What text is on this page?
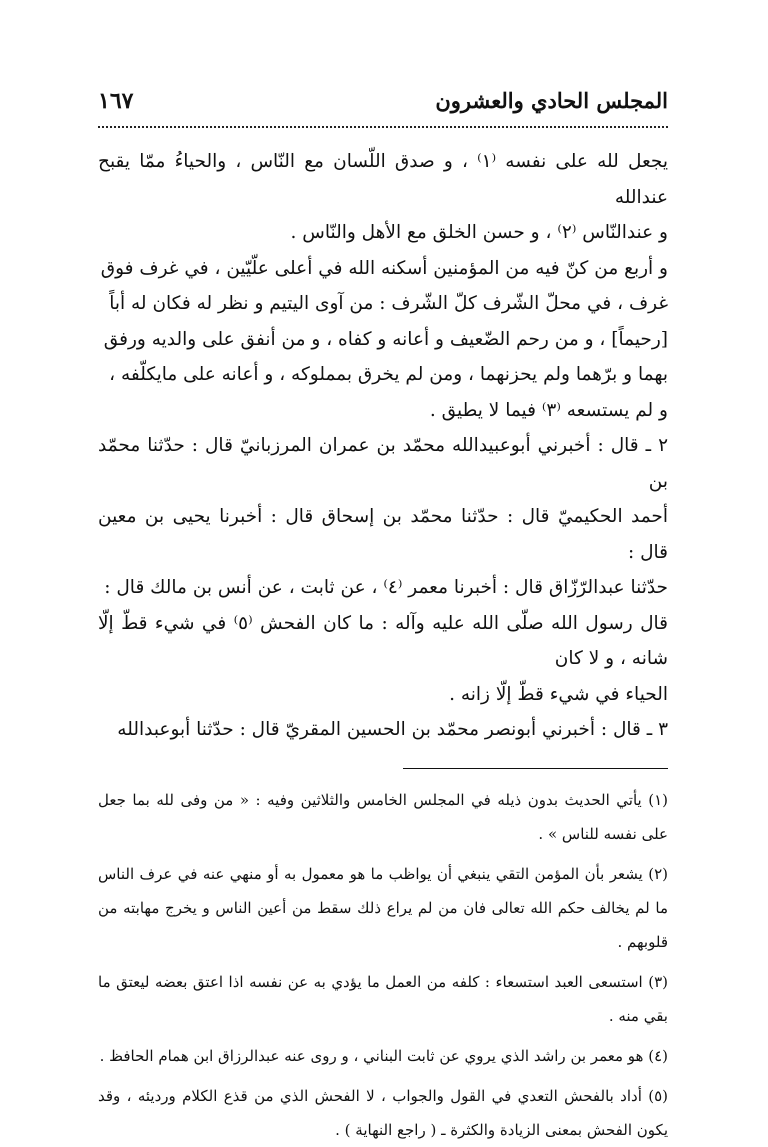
المجلس الحادي والعشرون
١٦٧

يجعل لله على نفسه ⁽١⁾ ، و صدق اللّسان مع النّاس ، والحياءُ ممّا يقبح عندالله
و عندالنّاس ⁽٢⁾ ، و حسن الخلق مع الأهل والنّاس .

و أربع من كنّ فيه من المؤمنين أسكنه الله في أعلى علّيّين ، في غرف فوق
غرف ، في محلّ الشّرف كلّ الشّرف : من آوى اليتيم و نظر له فكان له أباً
[رحيماً] ، و من رحم الضّعيف و أعانه و كفاه ، و من أنفق على والديه ورفق
بهما و برّهما ولم يحزنهما ، ومن لم يخرق بمملوكه ، و أعانه على مايكلّفه ،
و لم يستسعه ⁽٣⁾ فيما لا يطيق .

٢ ـ قال : أخبرني أبوعبيدالله محمّد بن عمران المرزبانيّ قال : حدّثنا محمّد بن
أحمد الحكيميّ قال : حدّثنا محمّد بن إسحاق قال : أخبرنا يحيى بن معين قال :
حدّثنا عبدالرّزّاق قال : أخبرنا معمر ⁽٤⁾ ، عن ثابت ، عن أنس بن مالك قال :
قال رسول الله صلّى الله عليه وآله : ما كان الفحش ⁽٥⁾ في شيء قطّ إلّا شانه ، و لا كان
الحياء في شيء قطّ إلّا زانه .

٣ ـ قال : أخبرني أبونصر محمّد بن الحسين المقريّ قال : حدّثنا أبوعبدالله

(١) يأتي الحديث بدون ذيله في المجلس الخامس والثلاثين وفيه : « من وفى لله بما جعل على نفسه للناس » .

(٢) يشعر بأن المؤمن التقي ينبغي أن يواظب ما هو معمول به أو منهي عنه في عرف الناس ما لم يخالف حكم الله تعالى فان من لم يراع ذلك سقط من أعين الناس و يخرج مهابته من قلوبهم .

(٣) استسعى العبد استسعاء : كلفه من العمل ما يؤدي به عن نفسه اذا اعتق بعضه ليعتق ما بقي منه .

(٤) هو معمر بن راشد الذي يروي عن ثابت البناني ، و روى عنه عبدالرزاق ابن همام الحافظ .

(٥) أداد بالفحش التعدي في القول والجواب ، لا الفحش الذي من قذع الكلام ورديئه ، وقد يكون الفحش بمعنى الزيادة والكثرة ـ ( راجع النهاية ) .
